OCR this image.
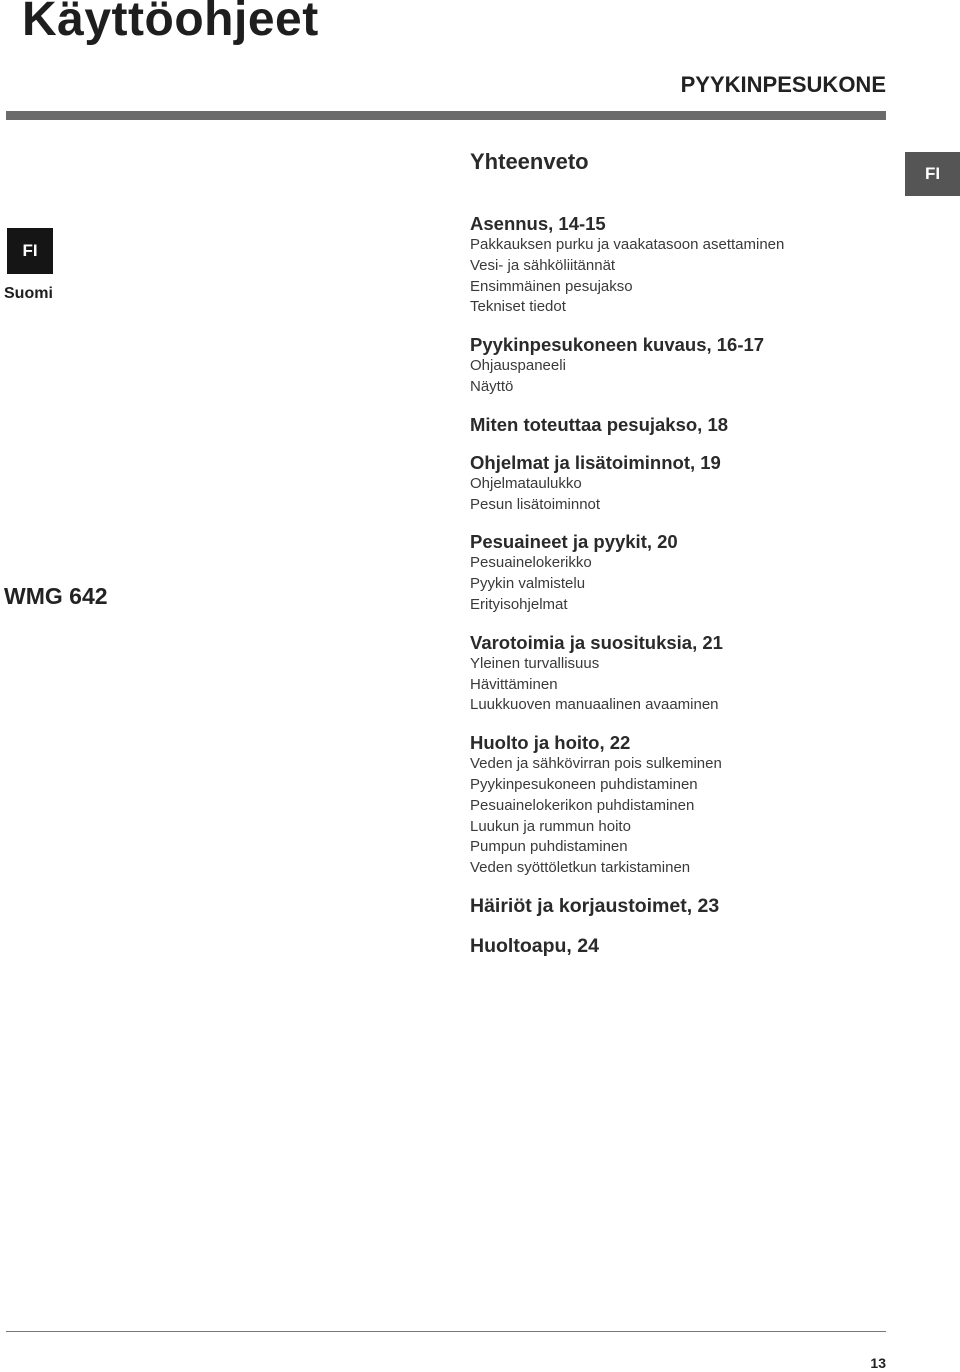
Käyttöohjeet
PYYKINPESUKONE
FI
FI
Suomi
WMG 642
Yhteenveto
Asennus, 14-15
Pakkauksen purku ja vaakatasoon asettaminen
Vesi- ja sähköliitännät
Ensimmäinen pesujakso
Tekniset tiedot
Pyykinpesukoneen kuvaus, 16-17
Ohjauspaneeli
Näyttö
Miten toteuttaa pesujakso, 18
Ohjelmat ja lisätoiminnot, 19
Ohjelmataulukko
Pesun lisätoiminnot
Pesuaineet ja pyykit, 20
Pesuainelokerikko
Pyykin valmistelu
Erityisohjelmat
Varotoimia ja suosituksia, 21
Yleinen turvallisuus
Hävittäminen
Luukkuoven manuaalinen avaaminen
Huolto ja hoito, 22
Veden ja sähkövirran pois sulkeminen
Pyykinpesukoneen puhdistaminen
Pesuainelokerikon puhdistaminen
Luukun ja rummun hoito
Pumpun puhdistaminen
Veden syöttöletkun tarkistaminen
Häiriöt ja korjaustoimet, 23
Huoltoapu, 24
13
